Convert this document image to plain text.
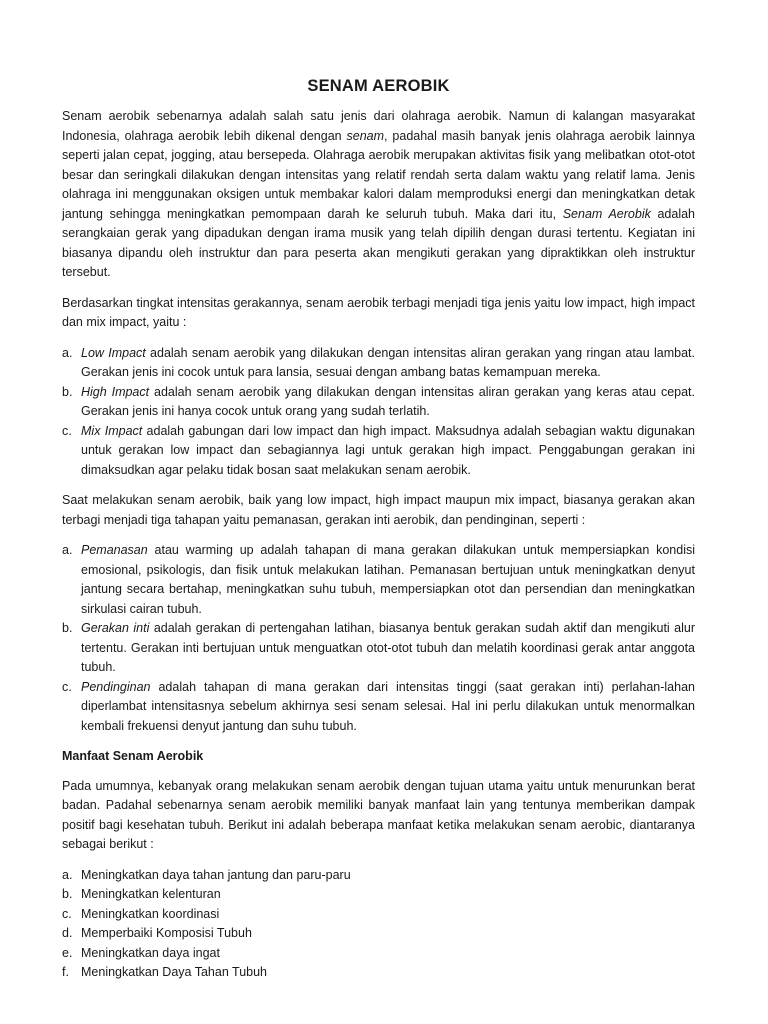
SENAM AEROBIK

Senam aerobik sebenarnya adalah salah satu jenis dari olahraga aerobik. Namun di kalangan masyarakat Indonesia, olahraga aerobik lebih dikenal dengan senam, padahal masih banyak jenis olahraga aerobik lainnya seperti jalan cepat, jogging, atau bersepeda. Olahraga aerobik merupakan aktivitas fisik yang melibatkan otot-otot besar dan seringkali dilakukan dengan intensitas yang relatif rendah serta dalam waktu yang relatif lama. Jenis olahraga ini menggunakan oksigen untuk membakar kalori dalam memproduksi energi dan meningkatkan detak jantung sehingga meningkatkan pemompaan darah ke seluruh tubuh. Maka dari itu, Senam Aerobik adalah serangkaian gerak yang dipadukan dengan irama musik yang telah dipilih dengan durasi tertentu. Kegiatan ini biasanya dipandu oleh instruktur dan para peserta akan mengikuti gerakan yang dipraktikkan oleh instruktur tersebut.

Berdasarkan tingkat intensitas gerakannya, senam aerobik terbagi menjadi tiga jenis yaitu low impact, high impact dan mix impact, yaitu :

a. Low Impact adalah senam aerobik yang dilakukan dengan intensitas aliran gerakan yang ringan atau lambat. Gerakan jenis ini cocok untuk para lansia, sesuai dengan ambang batas kemampuan mereka.
b. High Impact adalah senam aerobik yang dilakukan dengan intensitas aliran gerakan yang keras atau cepat. Gerakan jenis ini hanya cocok untuk orang yang sudah terlatih.
c. Mix Impact adalah gabungan dari low impact dan high impact. Maksudnya adalah sebagian waktu digunakan untuk gerakan low impact dan sebagiannya lagi untuk gerakan high impact. Penggabungan gerakan ini dimaksudkan agar pelaku tidak bosan saat melakukan senam aerobik.

Saat melakukan senam aerobik, baik yang low impact, high impact maupun mix impact, biasanya gerakan akan terbagi menjadi tiga tahapan yaitu pemanasan, gerakan inti aerobik, dan pendinginan, seperti :

a. Pemanasan atau warming up adalah tahapan di mana gerakan dilakukan untuk mempersiapkan kondisi emosional, psikologis, dan fisik untuk melakukan latihan. Pemanasan bertujuan untuk meningkatkan denyut jantung secara bertahap, meningkatkan suhu tubuh, mempersiapkan otot dan persendian dan meningkatkan sirkulasi cairan tubuh.
b. Gerakan inti adalah gerakan di pertengahan latihan, biasanya bentuk gerakan sudah aktif dan mengikuti alur tertentu. Gerakan inti bertujuan untuk menguatkan otot-otot tubuh dan melatih koordinasi gerak antar anggota tubuh.
c. Pendinginan adalah tahapan di mana gerakan dari intensitas tinggi (saat gerakan inti) perlahan-lahan diperlambat intensitasnya sebelum akhirnya sesi senam selesai. Hal ini perlu dilakukan untuk menormalkan kembali frekuensi denyut jantung dan suhu tubuh.
Manfaat Senam Aerobik

Pada umumnya, kebanyak orang melakukan senam aerobik dengan tujuan utama yaitu untuk menurunkan berat badan. Padahal sebenarnya senam aerobik memiliki banyak manfaat lain yang tentunya memberikan dampak positif bagi kesehatan tubuh. Berikut ini adalah beberapa manfaat ketika melakukan senam aerobic, diantaranya sebagai berikut :

a. Meningkatkan daya tahan jantung dan paru-paru
b. Meningkatkan kelenturan
c. Meningkatkan koordinasi
d. Memperbaiki Komposisi Tubuh
e. Meningkatkan daya ingat
f. Meningkatkan Daya Tahan Tubuh
